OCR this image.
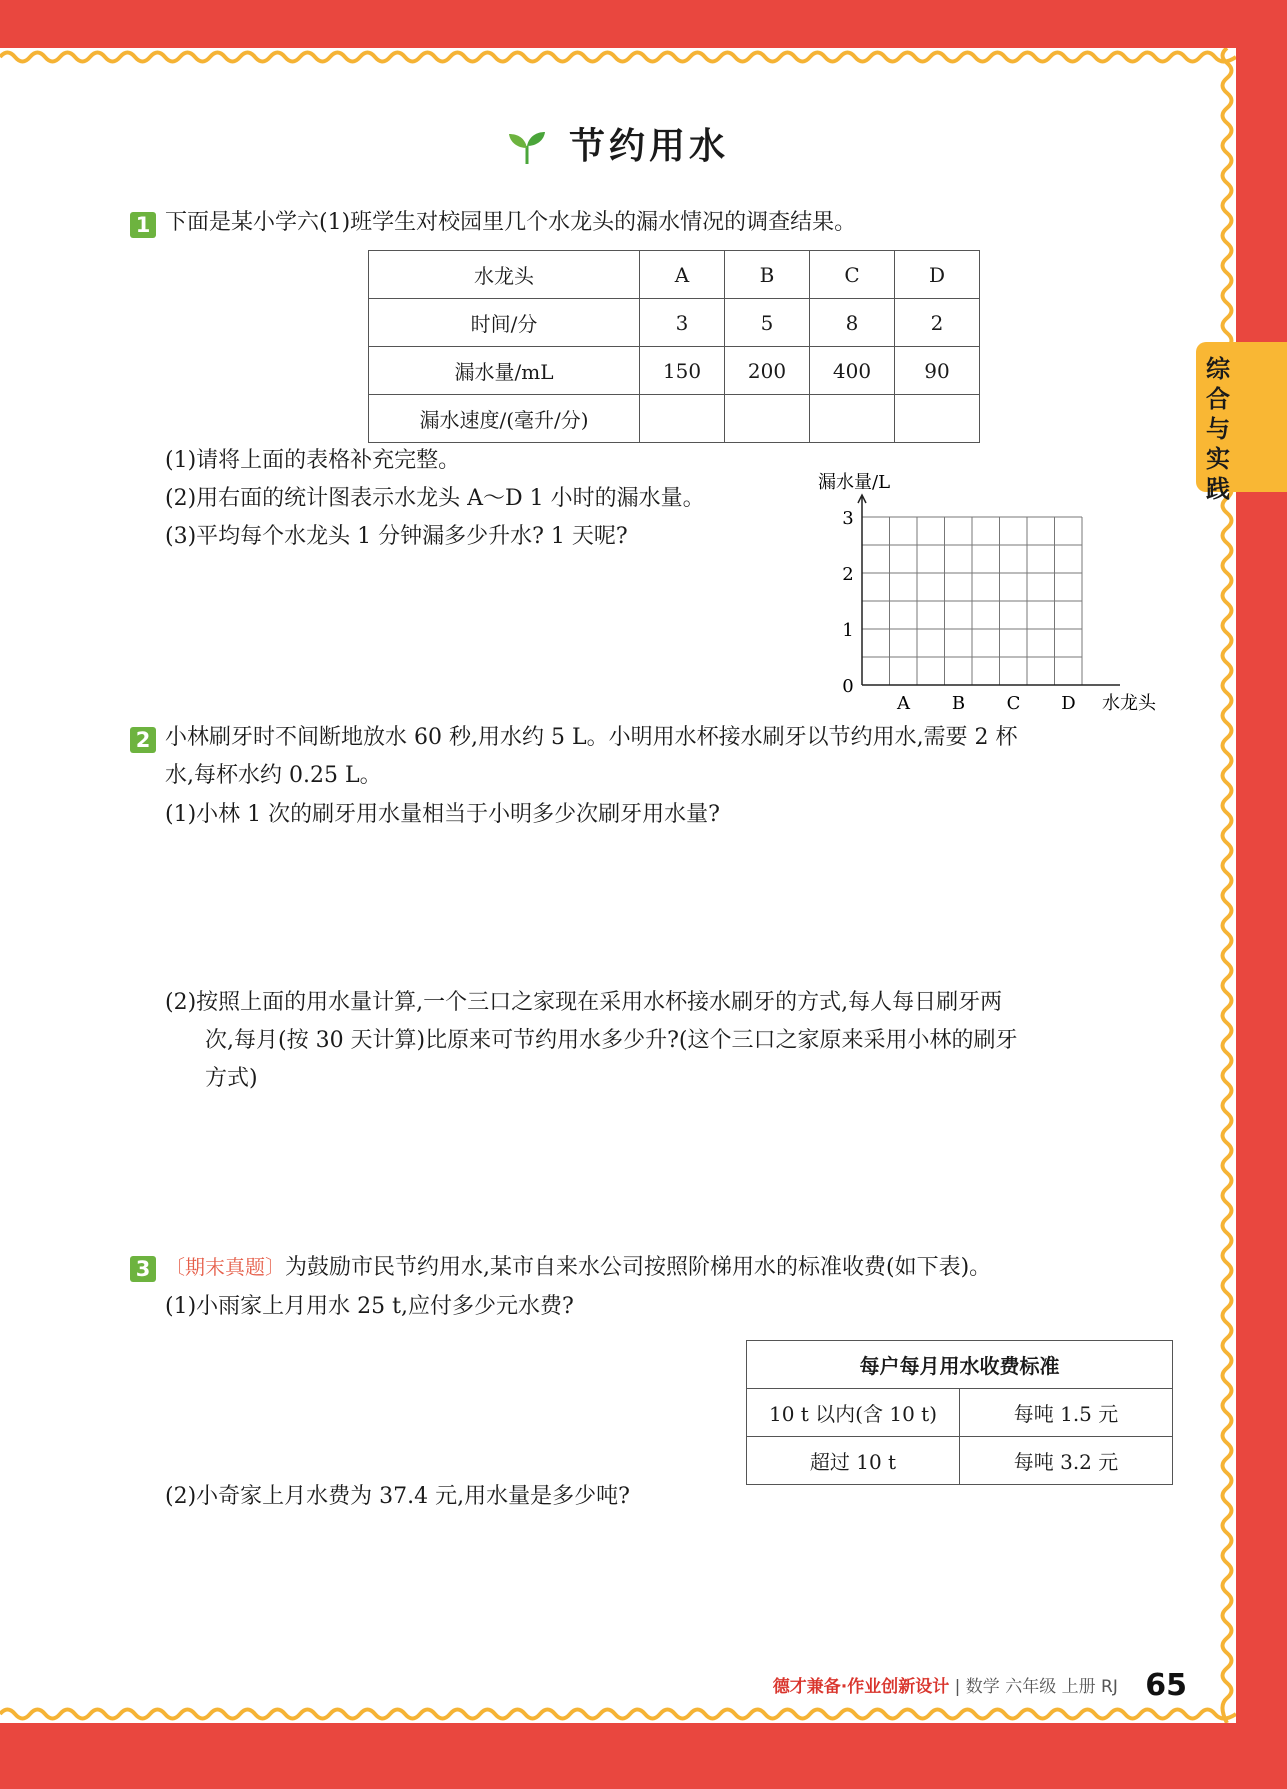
节约用水
综合与实践
1 下面是某小学六(1)班学生对校园里几个水龙头的漏水情况的调查结果。
水龙头	A	B	C	D
时间/分	3	5	8	2
漏水量/mL	150	200	400	90
漏水速度/(毫升/分)				
(1)请将上面的表格补充完整。
(2)用右面的统计图表示水龙头 A～D 1 小时的漏水量。
(3)平均每个水龙头 1 分钟漏多少升水? 1 天呢?
漏水量/L
水龙头
0
1
2
3
A B C D
2 小林刷牙时不间断地放水 60 秒,用水约 5 L。小明用水杯接水刷牙以节约用水,需要 2 杯
水,每杯水约 0.25 L。
(1)小林 1 次的刷牙用水量相当于小明多少次刷牙用水量?
(2)按照上面的用水量计算,一个三口之家现在采用水杯接水刷牙的方式,每人每日刷牙两
次,每月(按 30 天计算)比原来可节约用水多少升?(这个三口之家原来采用小林的刷牙
方式)
3 〔期末真题〕为鼓励市民节约用水,某市自来水公司按照阶梯用水的标准收费(如下表)。
(1)小雨家上月用水 25 t,应付多少元水费?
每户每月用水收费标准	
10 t 以内(含 10 t)	每吨 1.5 元
超过 10 t	每吨 3.2 元
(2)小奇家上月水费为 37.4 元,用水量是多少吨?
德才兼备·作业创新设计 | 数学 六年级 上册 RJ 65
